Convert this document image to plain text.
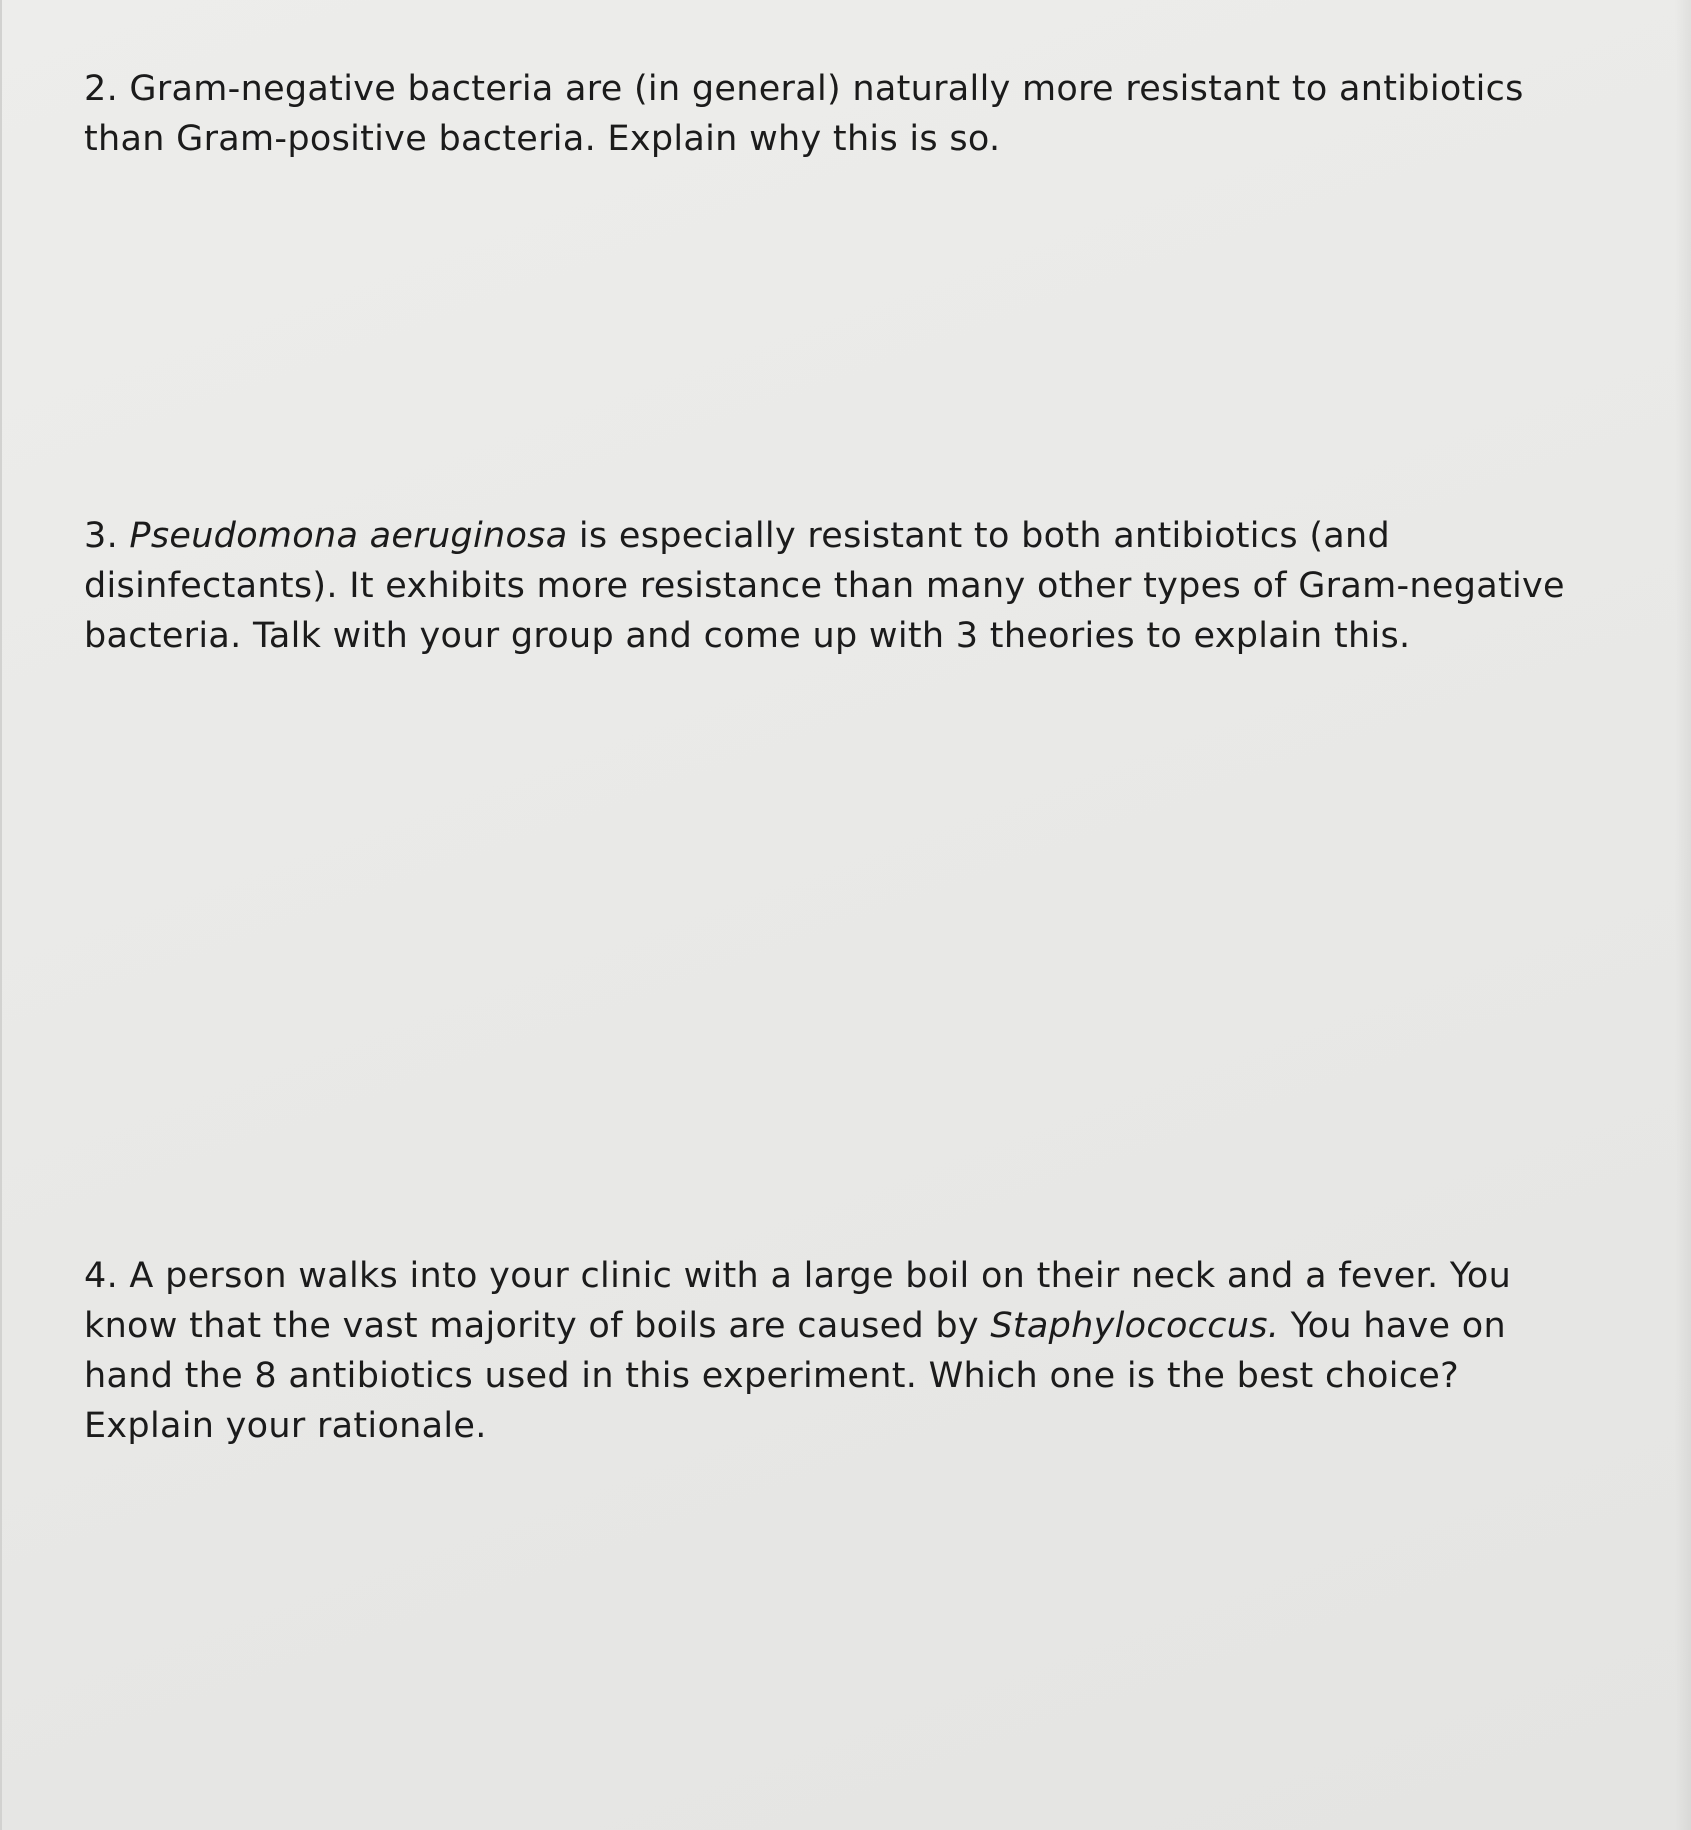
2. Gram-negative bacteria are (in general) naturally more resistant to antibiotics
than Gram-positive bacteria. Explain why this is so.
3. Pseudomona aeruginosa is especially resistant to both antibiotics (and
disinfectants). It exhibits more resistance than many other types of Gram-negative
bacteria. Talk with your group and come up with 3 theories to explain this.
4. A person walks into your clinic with a large boil on their neck and a fever. You
know that the vast majority of boils are caused by Staphylococcus. You have on
hand the 8 antibiotics used in this experiment. Which one is the best choice?
Explain your rationale.
